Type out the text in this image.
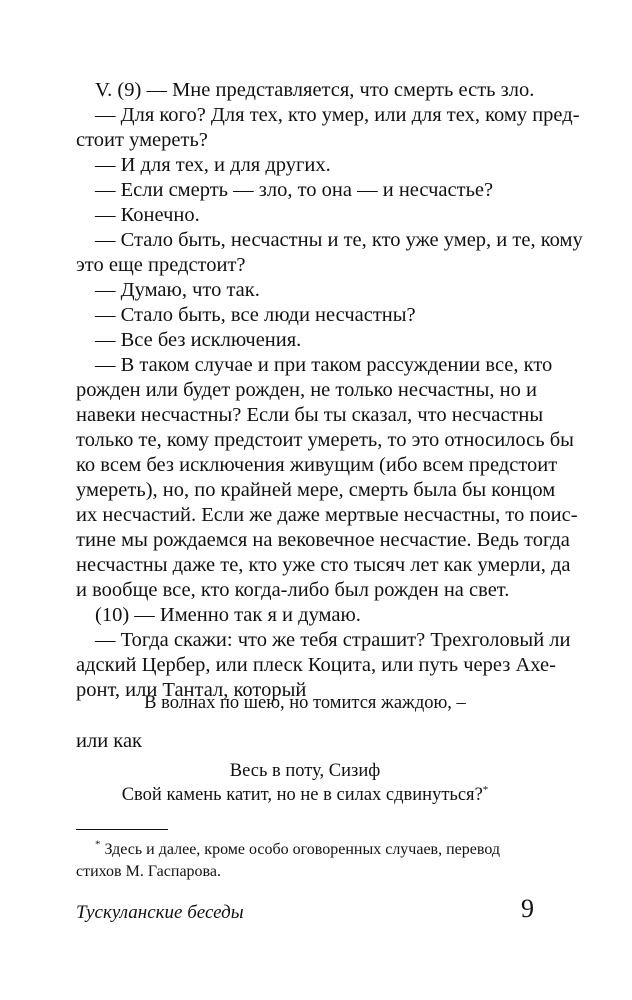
V. (9) — Мне представляется, что смерть есть зло.
— Для кого? Для тех, кто умер, или для тех, кому пред-
стоит умереть?
— И для тех, и для других.
— Если смерть — зло, то она — и несчастье?
— Конечно.
— Стало быть, несчастны и те, кто уже умер, и те, кому
это еще предстоит?
— Думаю, что так.
— Стало быть, все люди несчастны?
— Все без исключения.
— В таком случае и при таком рассуждении все, кто
рожден или будет рожден, не только несчастны, но и
навеки несчастны? Если бы ты сказал, что несчастны
только те, кому предстоит умереть, то это относилось бы
ко всем без исключения живущим (ибо всем предстоит
умереть), но, по крайней мере, смерть была бы концом
их несчастий. Если же даже мертвые несчастны, то поис-
тине мы рождаемся на вековечное несчастие. Ведь тогда
несчастны даже те, кто уже сто тысяч лет как умерли, да
и вообще все, кто когда-либо был рожден на свет.
(10) — Именно так я и думаю.
— Тогда скажи: что же тебя страшит? Трехголовый ли
адский Цербер, или плеск Коцита, или путь через Ахе-
ронт, или Тантал, который
В волнах по шею, но томится жаждою, –
или как
Весь в поту, Сизиф
Свой камень катит, но не в силах сдвинуться?*
* Здесь и далее, кроме особо оговоренных случаев, перевод
стихов М. Гаспарова.
Тускуланские беседы	9
